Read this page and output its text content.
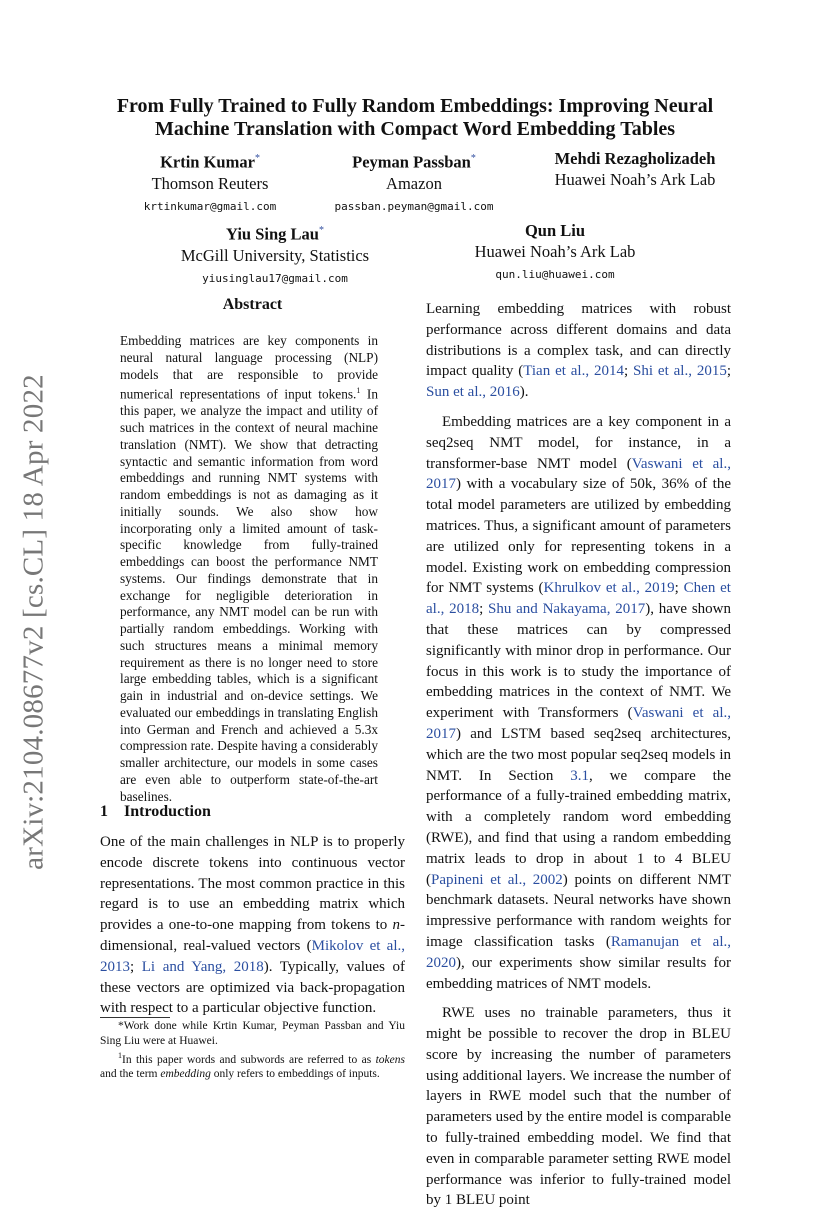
arXiv:2104.08677v2 [cs.CL] 18 Apr 2022
From Fully Trained to Fully Random Embeddings: Improving Neural
Machine Translation with Compact Word Embedding Tables
Krtin Kumar*
Thomson Reuters
krtinkumar@gmail.com
Peyman Passban*
Amazon
passban.peyman@gmail.com
Mehdi Rezagholizadeh
Huawei Noah’s Ark Lab
Yiu Sing Lau*
McGill University, Statistics
yiusinglau17@gmail.com
Qun Liu
Huawei Noah’s Ark Lab
qun.liu@huawei.com
Abstract
Embedding matrices are key components in neural natural language processing (NLP) models that are responsible to provide numerical representations of input tokens.$^1$ In this paper, we analyze the impact and utility of such matrices in the context of neural machine translation (NMT). We show that detracting syntactic and semantic information from word embeddings and running NMT systems with random embeddings is not as damaging as it initially sounds. We also show how incorporating only a limited amount of task-specific knowledge from fully-trained embeddings can boost the performance NMT systems. Our findings demonstrate that in exchange for negligible deterioration in performance, any NMT model can be run with partially random embeddings. Working with such structures means a minimal memory requirement as there is no longer need to store large embedding tables, which is a significant gain in industrial and on-device settings. We evaluated our embeddings in translating English into German and French and achieved a 5.3x compression rate. Despite having a considerably smaller architecture, our models in some cases are even able to outperform state-of-the-art baselines.
1 Introduction
One of the main challenges in NLP is to properly encode discrete tokens into continuous vector representations. The most common practice in this regard is to use an embedding matrix which provides a one-to-one mapping from tokens to n-dimensional, real-valued vectors (Mikolov et al., 2013; Li and Yang, 2018). Typically, values of these vectors are optimized via back-propagation with respect to a particular objective function.

*Work done while Krtin Kumar, Peyman Passban and Yiu Sing Liu were at Huawei.

$^1$In this paper words and subwords are referred to as tokens and the term embedding only refers to embeddings of inputs.

Learning embedding matrices with robust performance across different domains and data distributions is a complex task, and can directly impact quality (Tian et al., 2014; Shi et al., 2015; Sun et al., 2016).

Embedding matrices are a key component in a seq2seq NMT model, for instance, in a transformer-base NMT model (Vaswani et al., 2017) with a vocabulary size of 50k, 36% of the total model parameters are utilized by embedding matrices. Thus, a significant amount of parameters are utilized only for representing tokens in a model. Existing work on embedding compression for NMT systems (Khrulkov et al., 2019; Chen et al., 2018; Shu and Nakayama, 2017), have shown that these matrices can by compressed significantly with minor drop in performance. Our focus in this work is to study the importance of embedding matrices in the context of NMT. We experiment with Transformers (Vaswani et al., 2017) and LSTM based seq2seq architectures, which are the two most popular seq2seq models in NMT. In Section 3.1, we compare the performance of a fully-trained embedding matrix, with a completely random word embedding (RWE), and find that using a random embedding matrix leads to drop in about 1 to 4 BLEU (Papineni et al., 2002) points on different NMT benchmark datasets. Neural networks have shown impressive performance with random weights for image classification tasks (Ramanujan et al., 2020), our experiments show similar results for embedding matrices of NMT models.

RWE uses no trainable parameters, thus it might be possible to recover the drop in BLEU score by increasing the number of parameters using additional layers. We increase the number of layers in RWE model such that the number of parameters used by the entire model is comparable to fully-trained embedding model. We find that even in comparable parameter setting RWE model performance was inferior to fully-trained model by 1 BLEU point
